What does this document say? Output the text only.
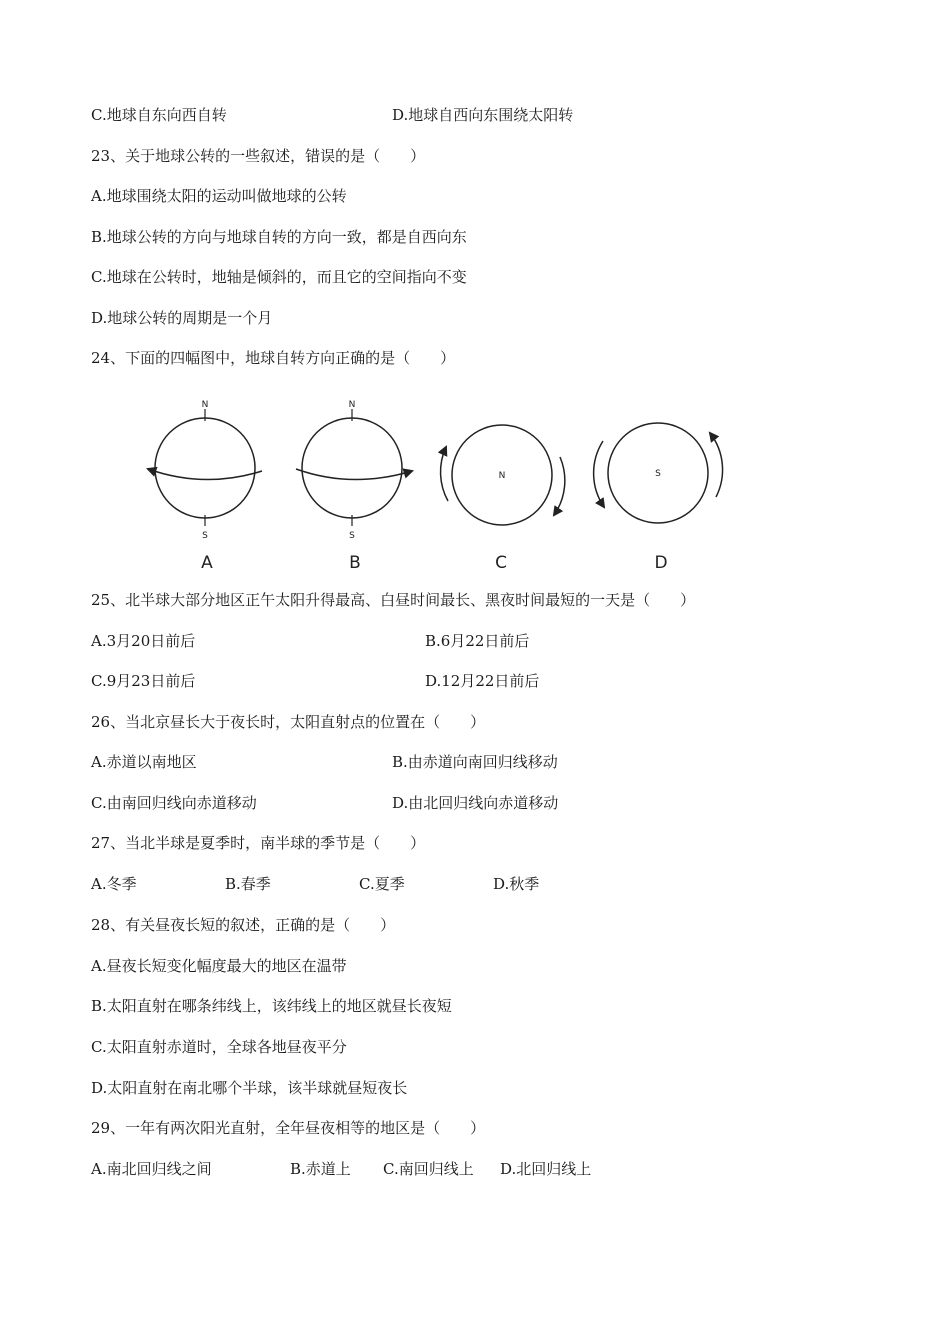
C.地球自东向西自转	D.地球自西向东围绕太阳转
23、关于地球公转的一些叙述，错误的是（　　）
A.地球围绕太阳的运动叫做地球的公转
B.地球公转的方向与地球自转的方向一致，都是自西向东
C.地球在公转时，地轴是倾斜的，而且它的空间指向不变
D.地球公转的周期是一个月
24、下面的四幅图中，地球自转方向正确的是（　　）
N
S
A
N
S
B
N
C
S
D
25、北半球大部分地区正午太阳升得最高、白昼时间最长、黑夜时间最短的一天是（　　）
A.3月20日前后	B.6月22日前后
C.9月23日前后	D.12月22日前后
26、当北京昼长大于夜长时，太阳直射点的位置在（　　）
A.赤道以南地区	B.由赤道向南回归线移动
C.由南回归线向赤道移动	D.由北回归线向赤道移动
27、当北半球是夏季时，南半球的季节是（　　）
A.冬季	B.春季	C.夏季	D.秋季
28、有关昼夜长短的叙述，正确的是（　　）
A.昼夜长短变化幅度最大的地区在温带
B.太阳直射在哪条纬线上，该纬线上的地区就昼长夜短
C.太阳直射赤道时，全球各地昼夜平分
D.太阳直射在南北哪个半球，该半球就昼短夜长
29、一年有两次阳光直射，全年昼夜相等的地区是（　　）
A.南北回归线之间	B.赤道上 C.南回归线上 D.北回归线上
